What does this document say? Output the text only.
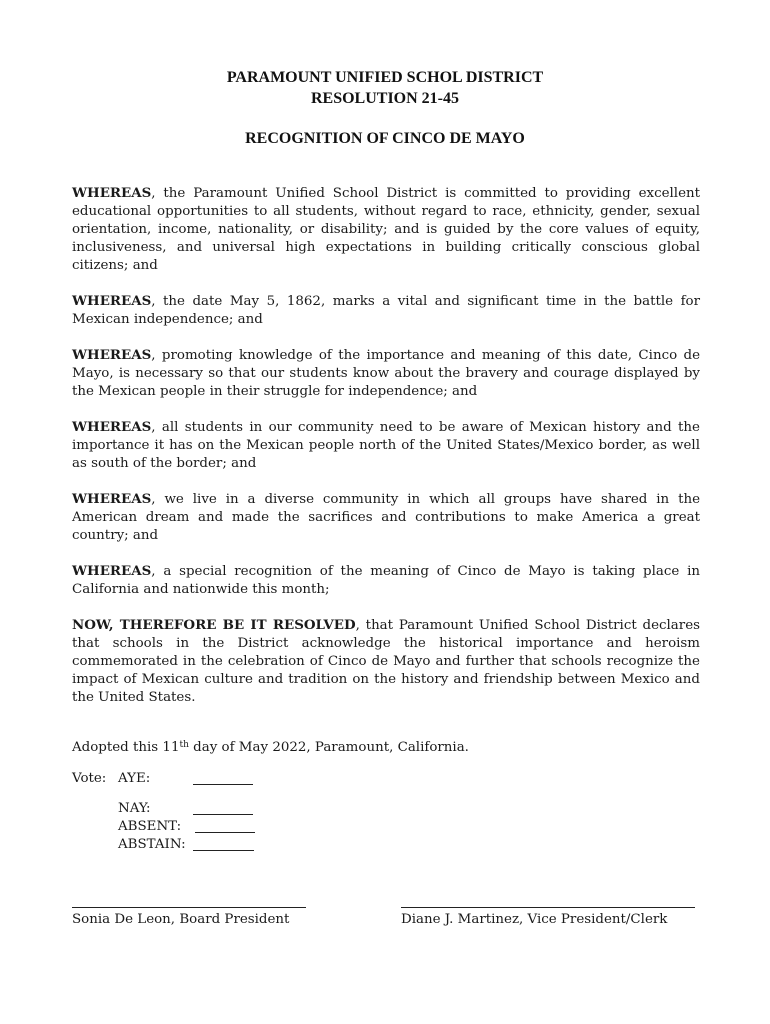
PARAMOUNT UNIFIED SCHOL DISTRICT
RESOLUTION 21-45
RECOGNITION OF CINCO DE MAYO

WHEREAS, the Paramount Unified School District is committed to providing excellent educational opportunities to all students, without regard to race, ethnicity, gender, sexual orientation, income, nationality, or disability; and is guided by the core values of equity, inclusiveness, and universal high expectations in building critically conscious global citizens; and

WHEREAS, the date May 5, 1862, marks a vital and significant time in the battle for Mexican independence; and

WHEREAS, promoting knowledge of the importance and meaning of this date, Cinco de Mayo, is necessary so that our students know about the bravery and courage displayed by the Mexican people in their struggle for independence; and

WHEREAS, all students in our community need to be aware of Mexican history and the importance it has on the Mexican people north of the United States/Mexico border, as well as south of the border; and

WHEREAS, we live in a diverse community in which all groups have shared in the American dream and made the sacrifices and contributions to make America a great country; and

WHEREAS, a special recognition of the meaning of Cinco de Mayo is taking place in California and nationwide this month;

NOW, THEREFORE BE IT RESOLVED, that Paramount Unified School District declares that schools in the District acknowledge the historical importance and heroism commemorated in the celebration of Cinco de Mayo and further that schools recognize the impact of Mexican culture and tradition on the history and friendship between Mexico and the United States.

Adopted this 11th day of May 2022, Paramount, California.
Vote: AYE:
NAY:
ABSENT:
ABSTAIN:
Sonia De Leon, Board President	Diane J. Martinez, Vice President/Clerk
